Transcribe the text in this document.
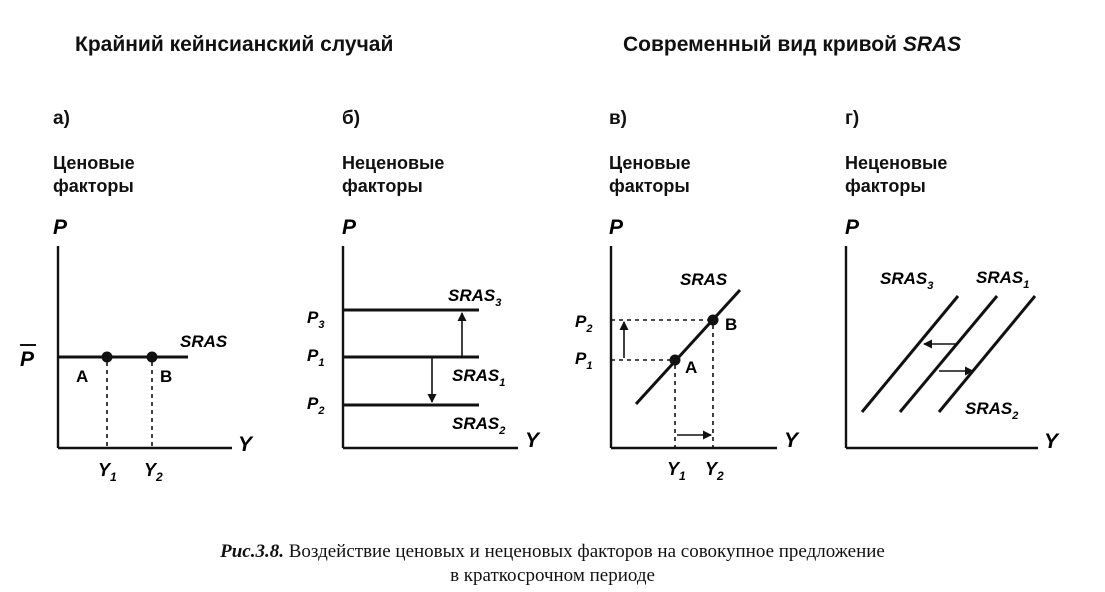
Крайний кейнсианский случай	Современный вид кривой SRAS
а)	б)	в)	г)
Ценовые
факторы
Неценовые
факторы
Ценовые
факторы
Неценовые
факторы
P
Y
SRAS
P
A	B
$Y_1$ $Y_2$
P
Y
$P_3$
$P_1$
$P_2$
$SRAS_3$
$SRAS_1$
$SRAS_2$
P
Y
SRAS
A
B
$P_2$
$P_1$
$Y_1$ $Y_2$
P
Y
$SRAS_3$	$SRAS_1$
$SRAS_2$
Рис.3.8. Воздействие ценовых и неценовых факторов на совокупное предложение
в краткосрочном периоде
